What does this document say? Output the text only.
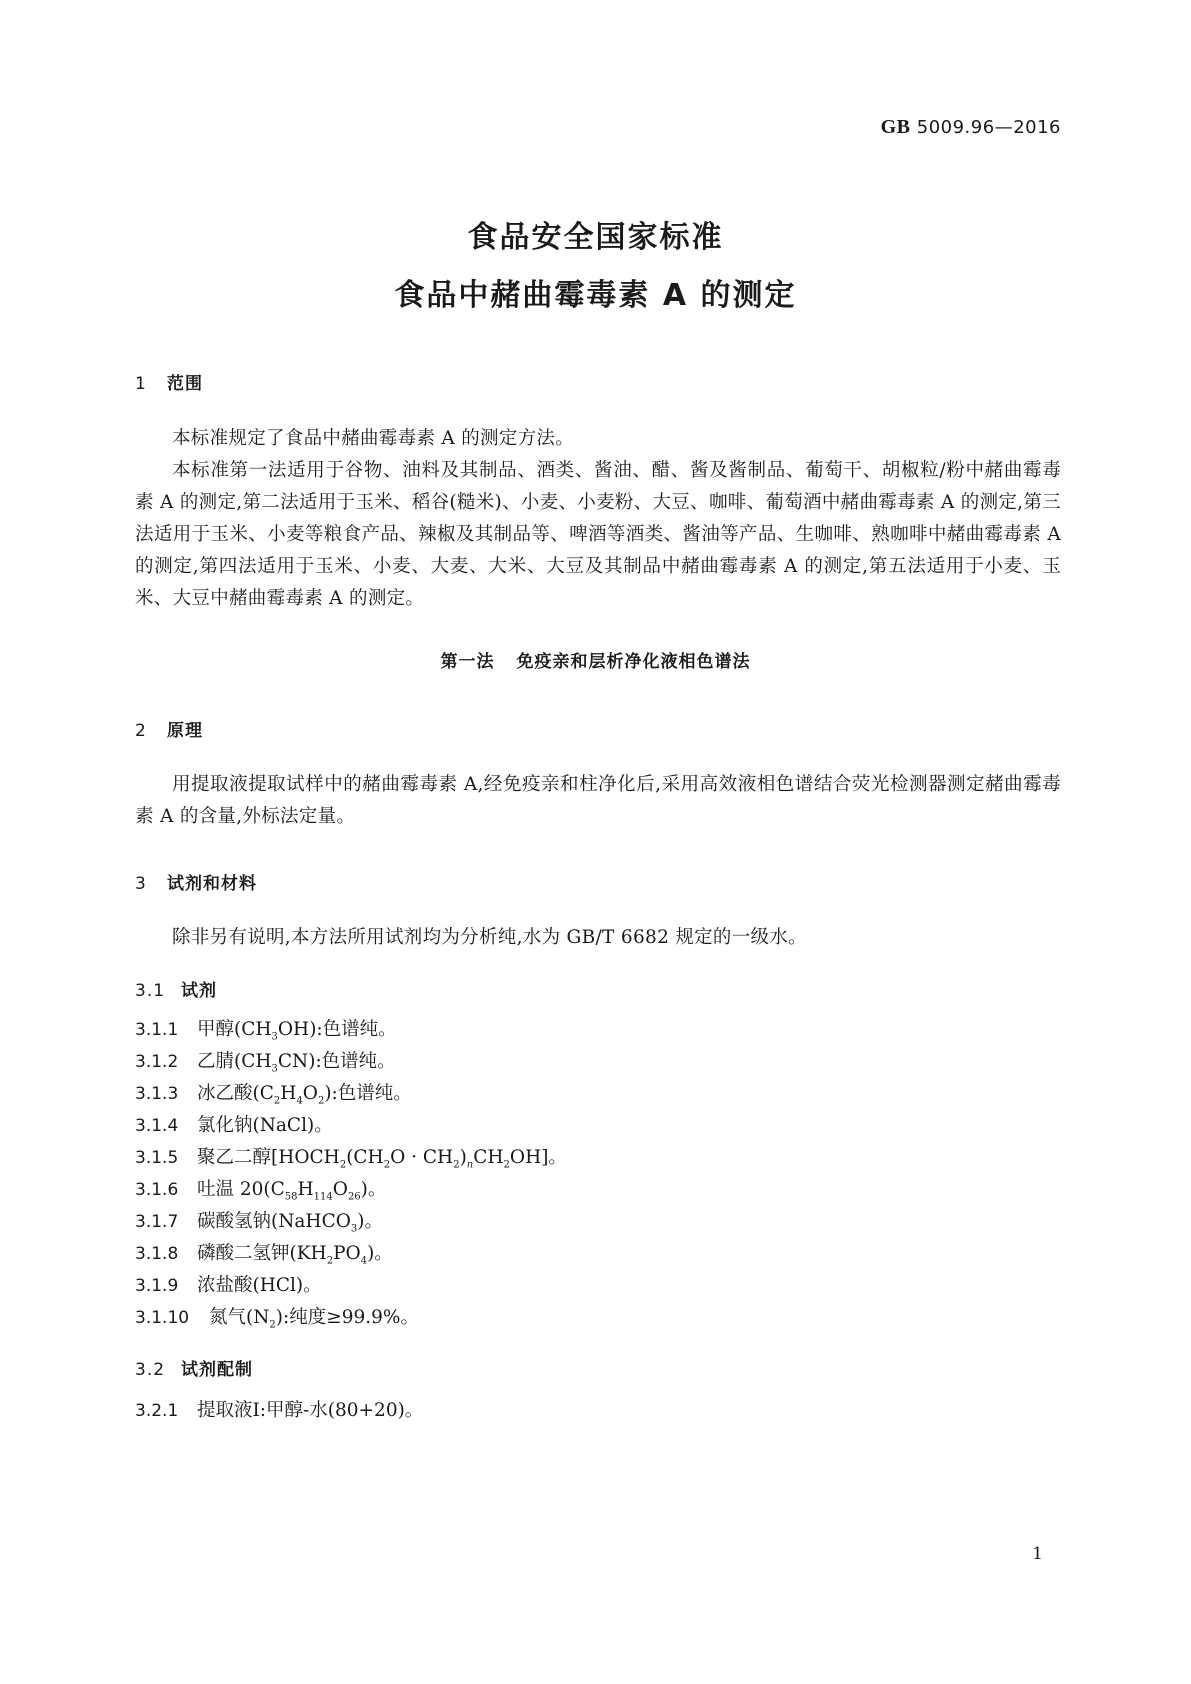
GB 5009.96—2016
食品安全国家标准
食品中赭曲霉毒素 A 的测定
1 范围
本标准规定了食品中赭曲霉毒素 A 的测定方法。
本标准第一法适用于谷物、油料及其制品、酒类、酱油、醋、酱及酱制品、葡萄干、胡椒粒/粉中赭曲霉毒素 A 的测定,第二法适用于玉米、稻谷(糙米)、小麦、小麦粉、大豆、咖啡、葡萄酒中赭曲霉毒素 A 的测定,第三法适用于玉米、小麦等粮食产品、辣椒及其制品等、啤酒等酒类、酱油等产品、生咖啡、熟咖啡中赭曲霉毒素 A 的测定,第四法适用于玉米、小麦、大麦、大米、大豆及其制品中赭曲霉毒素 A 的测定,第五法适用于小麦、玉米、大豆中赭曲霉毒素 A 的测定。
第一法 免疫亲和层析净化液相色谱法
2 原理
用提取液提取试样中的赭曲霉毒素 A,经免疫亲和柱净化后,采用高效液相色谱结合荧光检测器测定赭曲霉毒素 A 的含量,外标法定量。
3 试剂和材料
除非另有说明,本方法所用试剂均为分析纯,水为 GB/T 6682 规定的一级水。
3.1 试剂
3.1.1 甲醇$(CH_3OH)$:色谱纯。
3.1.2 乙腈$(CH_3CN)$:色谱纯。
3.1.3 冰乙酸$(C_2H_4O_2)$:色谱纯。
3.1.4 氯化钠(NaCl)。
3.1.5 聚乙二醇$[HOCH_2(CH_2O \cdot CH_2)_nCH_2OH]$。
3.1.6 吐温 $20(C_{58}H_{114}O_{26})$。
3.1.7 碳酸氢钠(NaHCO$_3$)。
3.1.8 磷酸二氢钾$(KH_2PO_4)$。
3.1.9 浓盐酸(HCl)。
3.1.10 氮气$(N_2)$:纯度≥99.9%。
3.2 试剂配制
3.2.1 提取液Ⅰ:甲醇-水(80+20)。
1
